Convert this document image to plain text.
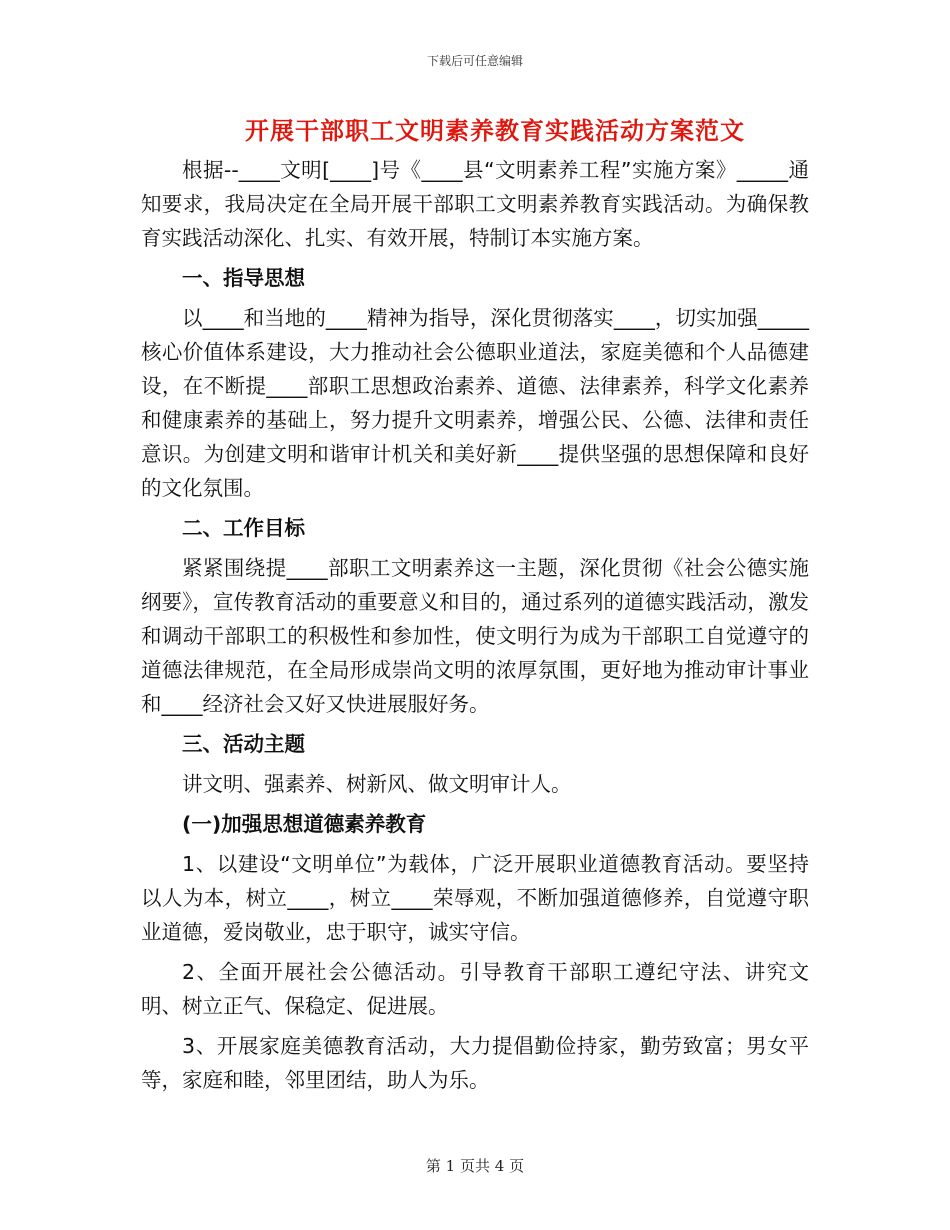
下载后可任意编辑
开展干部职工文明素养教育实践活动方案范文

根据--____文明[____]号《____县“文明素养工程”实施方案》_____通知要求，我局决定在全局开展干部职工文明素养教育实践活动。为确保教育实践活动深化、扎实、有效开展，特制订本实施方案。

一、指导思想

以____和当地的____精神为指导，深化贯彻落实____，切实加强_____核心价值体系建设，大力推动社会公德职业道法，家庭美德和个人品德建设，在不断提____部职工思想政治素养、道德、法律素养，科学文化素养和健康素养的基础上，努力提升文明素养，增强公民、公德、法律和责任意识。为创建文明和谐审计机关和美好新____提供坚强的思想保障和良好的文化氛围。

二、工作目标

紧紧围绕提____部职工文明素养这一主题，深化贯彻《社会公德实施纲要》，宣传教育活动的重要意义和目的，通过系列的道德实践活动，激发和调动干部职工的积极性和参加性，使文明行为成为干部职工自觉遵守的道德法律规范，在全局形成崇尚文明的浓厚氛围，更好地为推动审计事业和____经济社会又好又快进展服好务。

三、活动主题

讲文明、强素养、树新风、做文明审计人。

(一)加强思想道德素养教育

1、以建设“文明单位”为载体，广泛开展职业道德教育活动。要坚持以人为本，树立____，树立____荣辱观，不断加强道德修养，自觉遵守职业道德，爱岗敬业，忠于职守，诚实守信。

2、全面开展社会公德活动。引导教育干部职工遵纪守法、讲究文明、树立正气、保稳定、促进展。

3、开展家庭美德教育活动，大力提倡勤俭持家，勤劳致富；男女平等，家庭和睦，邻里团结，助人为乐。

第 1 页共 4 页
